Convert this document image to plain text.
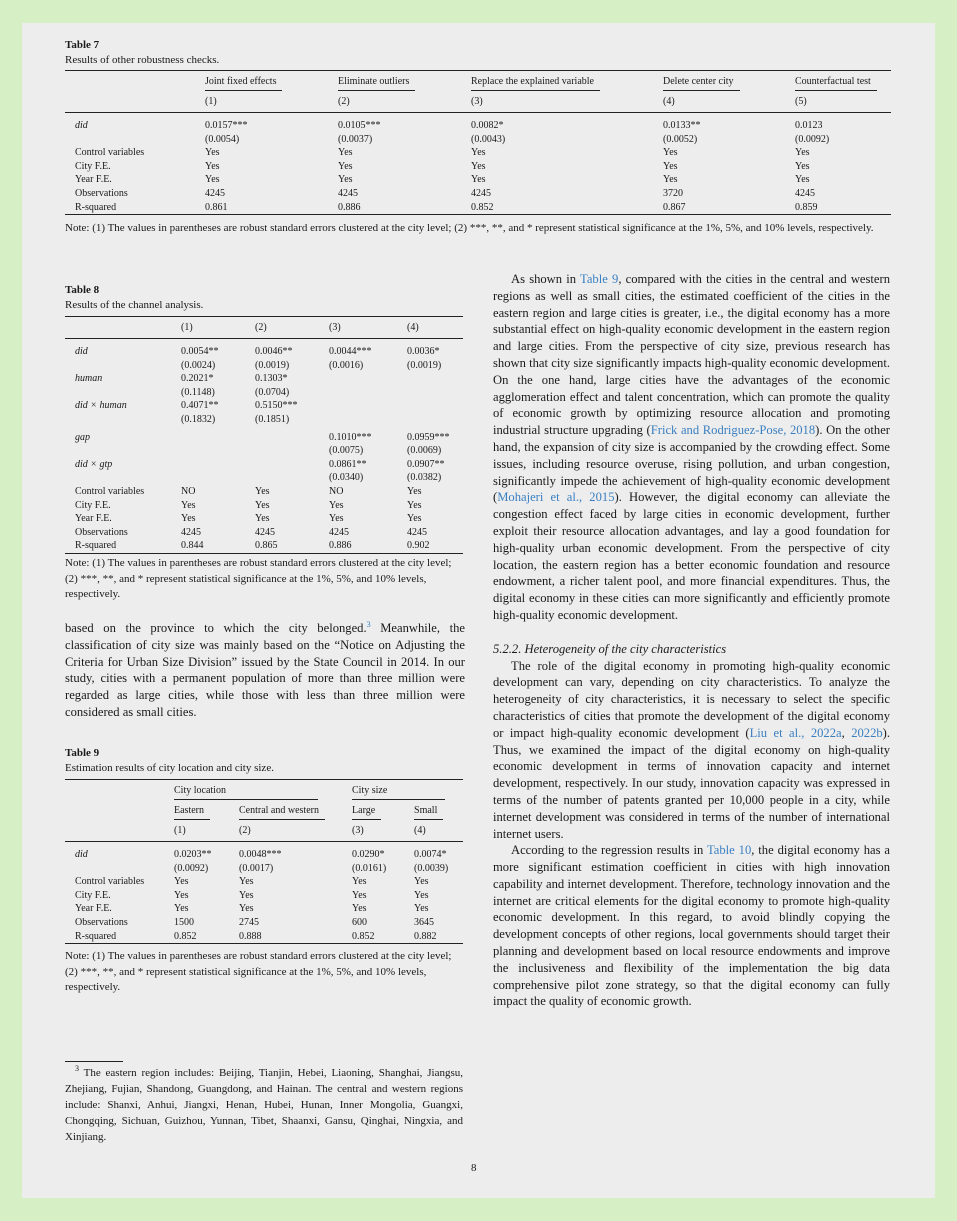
Table 7
Results of other robustness checks.
	Joint fixed effects	Eliminate outliers	Replace the explained variable	Delete center city	Counterfactual test
	(1)	(2)	(3)	(4)	(5)

did	0.0157***	0.0105***	0.0082*	0.0133**	0.0123
	(0.0054)	(0.0037)	(0.0043)	(0.0052)	(0.0092)
Control variables	Yes	Yes	Yes	Yes	Yes
City F.E.	Yes	Yes	Yes	Yes	Yes
Year F.E.	Yes	Yes	Yes	Yes	Yes
Observations	4245	4245	4245	3720	4245
R-squared	0.861	0.886	0.852	0.867	0.859
Note: (1) The values in parentheses are robust standard errors clustered at the city level; (2) ***, **, and * represent statistical significance at the 1%, 5%, and 10% levels, respectively.
Table 8
Results of the channel analysis.
	(1)	(2)	(3)	(4)

did	0.0054**	0.0046**	0.0044***	0.0036*
	(0.0024)	(0.0019)	(0.0016)	(0.0019)
human	0.2021*	0.1303*		
	(0.1148)	(0.0704)		
did × human	0.4071**	0.5150***		
	(0.1832)	(0.1851)		

gap			0.1010***	0.0959***
			(0.0075)	(0.0069)
did × gtp			0.0861**	0.0907**
			(0.0340)	(0.0382)
Control variables	NO	Yes	NO	Yes
City F.E.	Yes	Yes	Yes	Yes
Year F.E.	Yes	Yes	Yes	Yes
Observations	4245	4245	4245	4245
R-squared	0.844	0.865	0.886	0.902
Note: (1) The values in parentheses are robust standard errors clustered at the city level; (2) ***, **, and * represent statistical significance at the 1%, 5%, and 10% levels, respectively.

based on the province to which the city belonged.$^3$ Meanwhile, the classification of city size was mainly based on the “Notice on Adjusting the Criteria for Urban Size Division” issued by the State Council in 2014. In our study, cities with a permanent population of more than three million were regarded as large cities, while those with less than three million were considered as small cities.

Table 9
Estimation results of city location and city size.
	City location		City size	
	Eastern	Central and western	Large	Small
	(1)	(2)	(3)	(4)

did	0.0203**	0.0048***	0.0290*	0.0074*
	(0.0092)	(0.0017)	(0.0161)	(0.0039)
Control variables	Yes	Yes	Yes	Yes
City F.E.	Yes	Yes	Yes	Yes
Year F.E.	Yes	Yes	Yes	Yes
Observations	1500	2745	600	3645
R-squared	0.852	0.888	0.852	0.882
Note: (1) The values in parentheses are robust standard errors clustered at the city level; (2) ***, **, and * represent statistical significance at the 1%, 5%, and 10% levels, respectively.
$^3$ The eastern region includes: Beijing, Tianjin, Hebei, Liaoning, Shanghai, Jiangsu, Zhejiang, Fujian, Shandong, Guangdong, and Hainan. The central and western regions include: Shanxi, Anhui, Jiangxi, Henan, Hubei, Hunan, Inner Mongolia, Guangxi, Chongqing, Sichuan, Guizhou, Yunnan, Tibet, Shaanxi, Gansu, Qinghai, Ningxia, and Xinjiang.

As shown in Table 9, compared with the cities in the central and western regions as well as small cities, the estimated coefficient of the cities in the eastern region and large cities is greater, i.e., the digital economy has a more substantial effect on high-quality economic development in the eastern region and large cities. From the perspective of city size, previous research has shown that city size significantly impacts high-quality economic development. On the one hand, large cities have the advantages of the economic agglomeration effect and talent concentration, which can promote the quality of economic growth by optimizing resource allocation and promoting industrial structure upgrading (Frick and Rodriguez-Pose, 2018). On the other hand, the expansion of city size is accompanied by the crowding effect. Some issues, including resource overuse, rising pollution, and urban congestion, significantly impede the achievement of high-quality economic development (Mohajeri et al., 2015). However, the digital economy can alleviate the congestion effect faced by large cities in economic development, further exploit their resource allocation advantages, and lay a good foundation for high-quality urban economic development. From the perspective of city location, the eastern region has a better economic foundation and resource endowment, a richer talent pool, and more financial expenditures. Thus, the digital economy in these cities can more significantly and efficiently promote high-quality economic development.

5.2.2. Heterogeneity of the city characteristics

The role of the digital economy in promoting high-quality economic development can vary, depending on city characteristics. To analyze the heterogeneity of city characteristics, it is necessary to select the specific characteristics of cities that promote the development of the digital economy or impact high-quality economic development (Liu et al., 2022a, 2022b). Thus, we examined the impact of the digital economy on high-quality economic development in terms of innovation capacity and internet development, respectively. In our study, innovation capacity was expressed in terms of the number of patents granted per 10,000 people in a city, while internet development was considered in terms of the number of international internet users.

According to the regression results in Table 10, the digital economy has a more significant estimation coefficient in cities with high innovation capability and internet development. Therefore, technology innovation and the internet are critical elements for the digital economy to promote high-quality economic development. In this regard, to avoid blindly copying the development concepts of other regions, local governments should target their planning and development based on local resource endowments and improve the inclusiveness and flexibility of the implementation the big data comprehensive pilot zone strategy, so that the digital economy can fully impact the quality of economic growth.

8
